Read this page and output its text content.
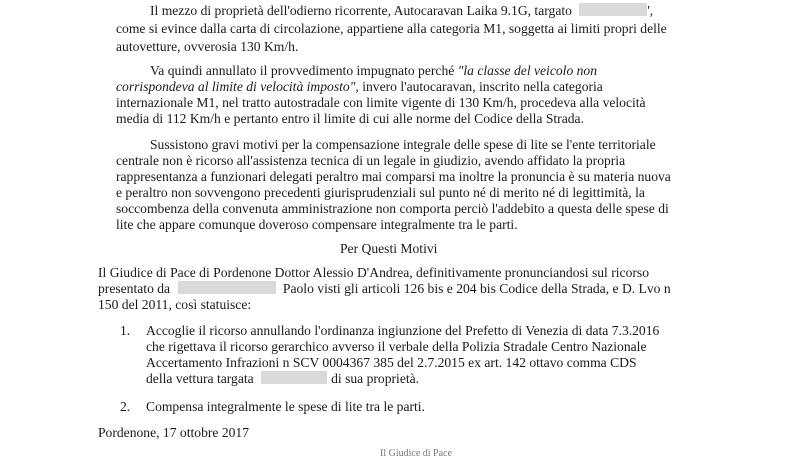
Il mezzo di proprietà dell'odierno ricorrente, Autocaravan Laika 9.1G, targato	',
come si evince dalla carta di circolazione, appartiene alla categoria M1, soggetta ai limiti propri delle
autovetture, ovverosia 130 Km/h.
Va quindi annullato il provvedimento impugnato perché "la classe del veicolo non
corrispondeva al limite di velocità imposto", invero l'autocaravan, inscrito nella categoria
internazionale M1, nel tratto autostradale con limite vigente di 130 Km/h, procedeva alla velocità
media di 112 Km/h e pertanto entro il limite di cui alle norme del Codice della Strada.
Sussistono gravi motivi per la compensazione integrale delle spese di lite se l'ente territoriale
centrale non è ricorso all'assistenza tecnica di un legale in giudizio, avendo affidato la propria
rappresentanza a funzionari delegati peraltro mai comparsi ma inoltre la pronuncia è su materia nuova
e peraltro non sovvengono precedenti giurisprudenziali sul punto né di merito né di legittimità, la
soccombenza della convenuta amministrazione non comporta perciò l'addebito a questa delle spese di
lite che appare comunque doveroso compensare integralmente tra le parti.
Per Questi Motivi
Il Giudice di Pace di Pordenone Dottor Alessio D'Andrea, definitivamente pronunciandosi sul ricorso
presentato da	Paolo visti gli articoli 126 bis e 204 bis Codice della Strada, e D. Lvo n
150 del 2011, così statuisce:
1. Accoglie il ricorso annullando l'ordinanza ingiunzione del Prefetto di Venezia di data 7.3.2016
che rigettava il ricorso gerarchico avverso il verbale della Polizia Stradale Centro Nazionale
Accertamento Infrazioni n SCV 0004367 385 del 2.7.2015 ex art. 142 ottavo comma CDS
della vettura targata	di sua proprietà.
2. Compensa integralmente le spese di lite tra le parti.
Pordenone, 17 ottobre 2017
Il Giudice di Pace
